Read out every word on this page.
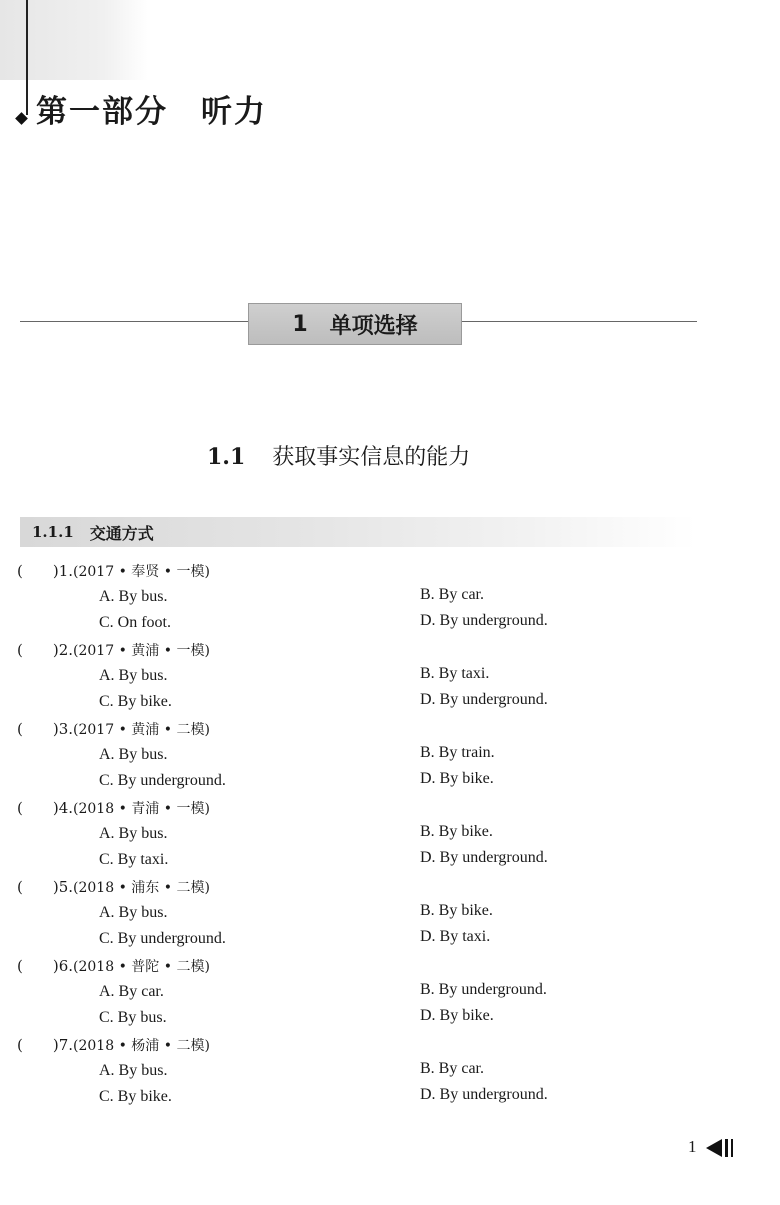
第一部分　听力
1 单项选择
1.1 获取事实信息的能力
1.1.1 交通方式
(　　)1.(2017 • 奉贤 • 一模)
A. By bus.	B. By car.
C. On foot.	D. By underground.
(　　)2.(2017 • 黄浦 • 一模)
A. By bus.	B. By taxi.
C. By bike.	D. By underground.
(　　)3.(2017 • 黄浦 • 二模)
A. By bus.	B. By train.
C. By underground.	D. By bike.
(　　)4.(2018 • 青浦 • 一模)
A. By bus.	B. By bike.
C. By taxi.	D. By underground.
(　　)5.(2018 • 浦东 • 二模)
A. By bus.	B. By bike.
C. By underground.	D. By taxi.
(　　)6.(2018 • 普陀 • 二模)
A. By car.	B. By underground.
C. By bus.	D. By bike.
(　　)7.(2018 • 杨浦 • 二模)
A. By bus.	B. By car.
C. By bike.	D. By underground.
1
